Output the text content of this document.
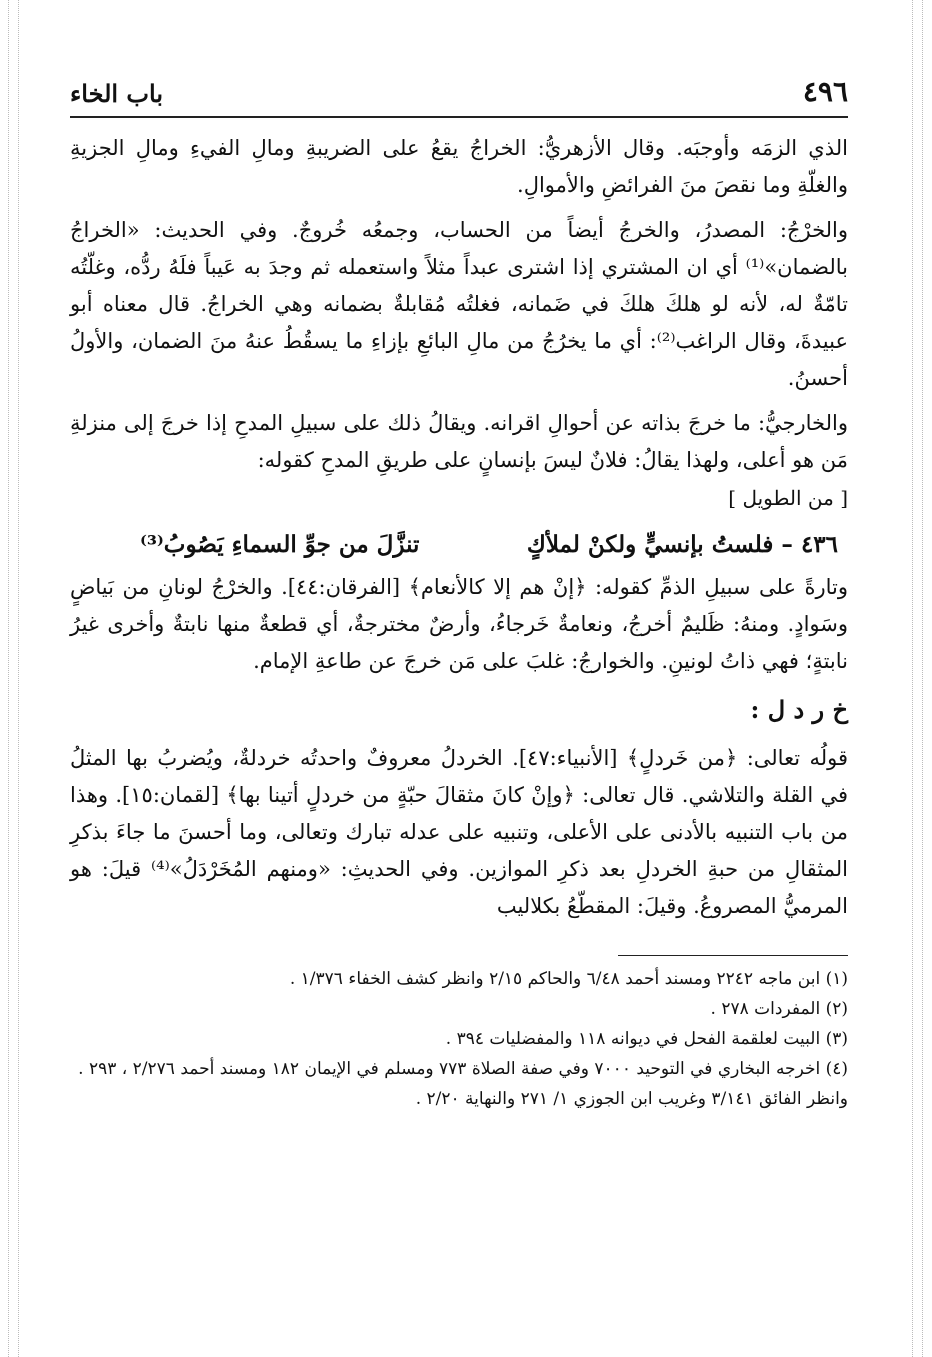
٤٩٦
باب الخاء

الذي الزمَه وأوجبَه. وقال الأزهريُّ: الخراجُ يقعُ على الضريبةِ ومالِ الفيءِ ومالِ الجزيةِ والغلّةِ وما نقصَ منَ الفرائضِ والأموالِ.

والخرْجُ: المصدرُ، والخرجُ أيضاً من الحساب، وجمعُه خُروجٌ. وفي الحديث: «الخراجُ بالضمان»⁽¹⁾ أي ان المشتري إذا اشترى عبداً مثلاً واستعمله ثم وجدَ به عَيباً فلَهُ ردُّه، وغلّتُه تامّةٌ له، لأنه لو هلكَ هلكَ في ضَمانه، فغلتُه مُقابلةٌ بضمانه وهي الخراجُ. قال معناه أبو عبيدةَ، وقال الراغب⁽²⁾: أي ما يخرُجُ من مالِ البائعِ بإزاءِ ما يسقُطُ عنهُ منَ الضمان، والأولُ أحسنُ.

والخارجيُّ: ما خرجَ بذاته عن أحوالِ اقرانه. ويقالُ ذلك على سبيلِ المدحِ إذا خرجَ إلى منزلةِ مَن هو أعلى، ولهذا يقالُ: فلانٌ ليسَ بإنسانٍ على طريقِ المدحِ كقوله:

[ من الطويل ]

٤٣٦ – فلستُ بإنسيٍّ ولكنْ لملأكٍ
تنزَّلَ من جوِّ السماءِ يَصُوبُ⁽³⁾

وتارةً على سبيلِ الذمِّ كقوله: ﴿إنْ هم إلا كالأنعام﴾ [الفرقان:٤٤]. والخرْجُ لونانِ من بَياضٍ وسَوادٍ. ومنهُ: ظَليمٌ أخرجُ، ونعامةٌ خَرجاءُ، وأرضٌ مخترجةٌ، أي قطعةٌ منها نابتةٌ وأخرى غيرُ نابتةٍ؛ فهي ذاتُ لونينِ. والخوارجُ: غلبَ على مَن خرجَ عن طاعةِ الإمام.

خ ر د ل :

قولُه تعالى: ﴿من خَردلٍ﴾ [الأنبياء:٤٧]. الخردلُ معروفٌ واحدتُه خردلةٌ، ويُضربُ بها المثلُ في القلة والتلاشي. قال تعالى: ﴿وإنْ كانَ مثقالَ حبّةٍ من خردلٍ أتينا بها﴾ [لقمان:١٥]. وهذا من باب التنبيه بالأدنى على الأعلى، وتنبيه على عدله تبارك وتعالى، وما أحسنَ ما جاءَ بذكرِ المثقالِ من حبةِ الخردلِ بعد ذكرِ الموازين. وفي الحديثِ: «ومنهم المُخَرْدَلُ»⁽⁴⁾ قيلَ: هو المرميُّ المصروعُ. وقيلَ: المقطّعُ بكلاليب

(١) ابن ماجه ٢٢٤٢ ومسند أحمد ٦/٤٨ والحاكم ٢/١٥ وانظر كشف الخفاء ١/٣٧٦ .

(٢) المفردات ٢٧٨ .

(٣) البيت لعلقمة الفحل في ديوانه ١١٨ والمفضليات ٣٩٤ .

(٤) اخرجه البخاري في التوحيد ٧٠٠٠ وفي صفة الصلاة ٧٧٣ ومسلم في الإيمان ١٨٢ ومسند أحمد ٢/٢٧٦ ، ٢٩٣ . وانظر الفائق ٣/١٤١ وغريب ابن الجوزي ١/ ٢٧١ والنهاية ٢/٢٠ .
